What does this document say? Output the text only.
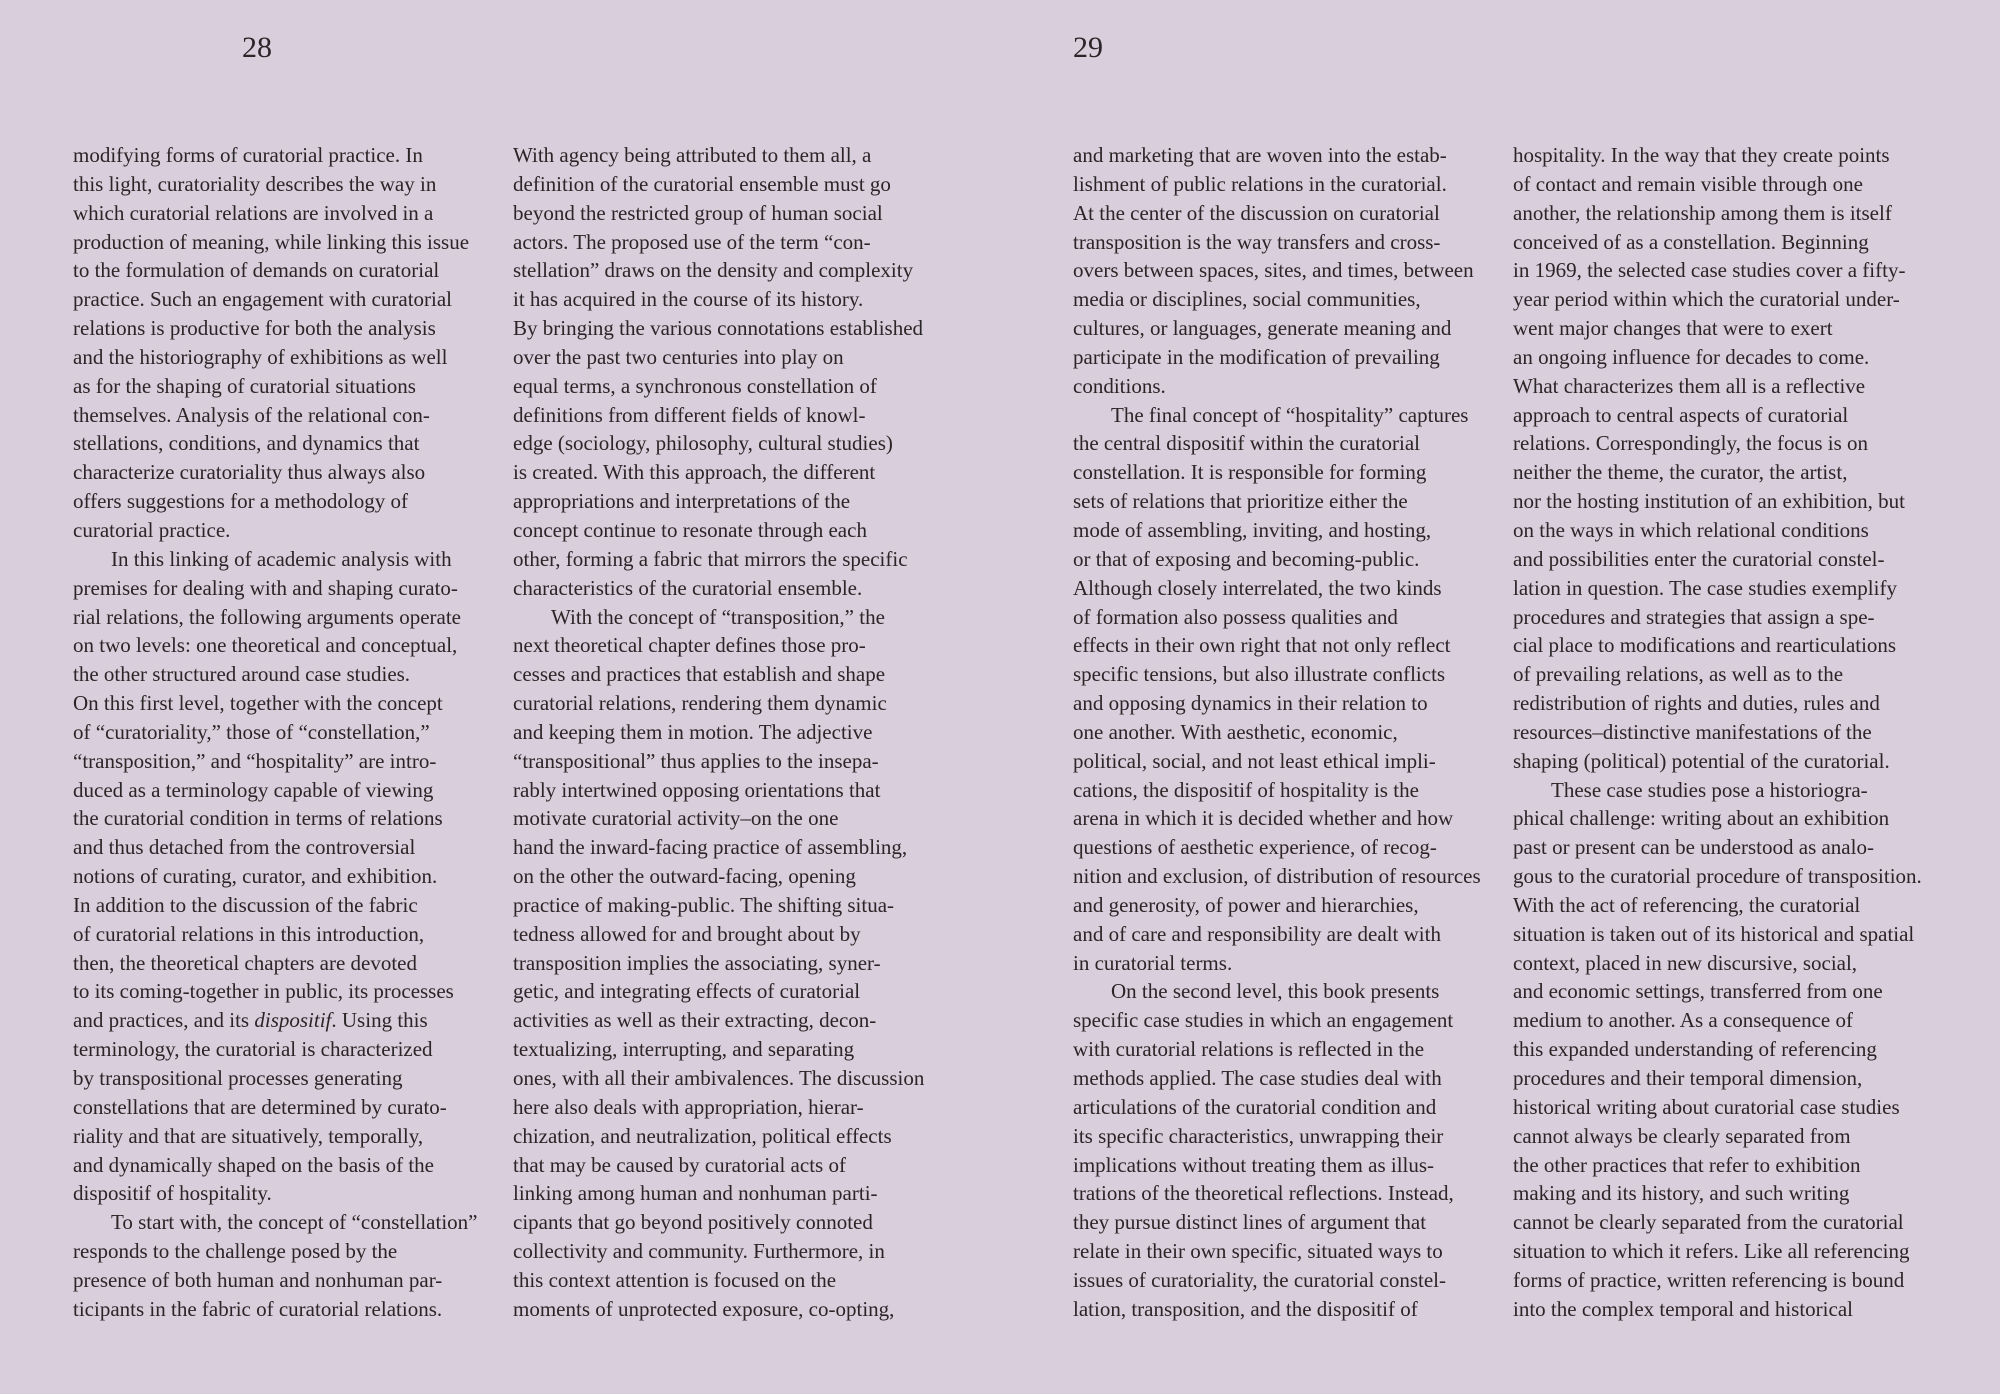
28
modifying forms of curatorial practice. In
this light, curatoriality describes the way in
which curatorial relations are involved in a
production of meaning, while linking this issue
to the formulation of demands on curatorial
practice. Such an engagement with curatorial
relations is productive for both the analysis
and the historiography of exhibitions as well
as for the shaping of curatorial situations
themselves. Analysis of the relational con-
stellations, conditions, and dynamics that
characterize curatoriality thus always also
offers suggestions for a methodology of
curatorial practice.
In this linking of academic analysis with
premises for dealing with and shaping curato-
rial relations, the following arguments operate
on two levels: one theoretical and conceptual,
the other structured around case studies.
On this first level, together with the concept
of “curatoriality,” those of “constellation,”
“transposition,” and “hospitality” are intro-
duced as a terminology capable of viewing
the curatorial condition in terms of relations
and thus detached from the controversial
notions of curating, curator, and exhibition.
In addition to the discussion of the fabric
of curatorial relations in this introduction,
then, the theoretical chapters are devoted
to its coming-together in public, its processes
and practices, and its dispositif. Using this
terminology, the curatorial is characterized
by transpositional processes generating
constellations that are determined by curato-
riality and that are situatively, temporally,
and dynamically shaped on the basis of the
dispositif of hospitality.
To start with, the concept of “constellation”
responds to the challenge posed by the
presence of both human and nonhuman par-
ticipants in the fabric of curatorial relations.
With agency being attributed to them all, a
definition of the curatorial ensemble must go
beyond the restricted group of human social
actors. The proposed use of the term “con-
stellation” draws on the density and complexity
it has acquired in the course of its history.
By bringing the various connotations established
over the past two centuries into play on
equal terms, a synchronous constellation of
definitions from different fields of knowl-
edge (sociology, philosophy, cultural studies)
is created. With this approach, the different
appropriations and interpretations of the
concept continue to resonate through each
other, forming a fabric that mirrors the specific
characteristics of the curatorial ensemble.
With the concept of “transposition,” the
next theoretical chapter defines those pro-
cesses and practices that establish and shape
curatorial relations, rendering them dynamic
and keeping them in motion. The adjective
“transpositional” thus applies to the insepa-
rably intertwined opposing orientations that
motivate curatorial activity–on the one
hand the inward-facing practice of assembling,
on the other the outward-facing, opening
practice of making-public. The shifting situa-
tedness allowed for and brought about by
transposition implies the associating, syner-
getic, and integrating effects of curatorial
activities as well as their extracting, decon-
textualizing, interrupting, and separating
ones, with all their ambivalences. The discussion
here also deals with appropriation, hierar-
chization, and neutralization, political effects
that may be caused by curatorial acts of
linking among human and nonhuman parti-
cipants that go beyond positively connoted
collectivity and community. Furthermore, in
this context attention is focused on the
moments of unprotected exposure, co-opting,
29
and marketing that are woven into the estab-
lishment of public relations in the curatorial.
At the center of the discussion on curatorial
transposition is the way transfers and cross-
overs between spaces, sites, and times, between
media or disciplines, social communities,
cultures, or languages, generate meaning and
participate in the modification of prevailing
conditions.
The final concept of “hospitality” captures
the central dispositif within the curatorial
constellation. It is responsible for forming
sets of relations that prioritize either the
mode of assembling, inviting, and hosting,
or that of exposing and becoming-public.
Although closely interrelated, the two kinds
of formation also possess qualities and
effects in their own right that not only reflect
specific tensions, but also illustrate conflicts
and opposing dynamics in their relation to
one another. With aesthetic, economic,
political, social, and not least ethical impli-
cations, the dispositif of hospitality is the
arena in which it is decided whether and how
questions of aesthetic experience, of recog-
nition and exclusion, of distribution of resources
and generosity, of power and hierarchies,
and of care and responsibility are dealt with
in curatorial terms.
On the second level, this book presents
specific case studies in which an engagement
with curatorial relations is reflected in the
methods applied. The case studies deal with
articulations of the curatorial condition and
its specific characteristics, unwrapping their
implications without treating them as illus-
trations of the theoretical reflections. Instead,
they pursue distinct lines of argument that
relate in their own specific, situated ways to
issues of curatoriality, the curatorial constel-
lation, transposition, and the dispositif of
hospitality. In the way that they create points
of contact and remain visible through one
another, the relationship among them is itself
conceived of as a constellation. Beginning
in 1969, the selected case studies cover a fifty-
year period within which the curatorial under-
went major changes that were to exert
an ongoing influence for decades to come.
What characterizes them all is a reflective
approach to central aspects of curatorial
relations. Correspondingly, the focus is on
neither the theme, the curator, the artist,
nor the hosting institution of an exhibition, but
on the ways in which relational conditions
and possibilities enter the curatorial constel-
lation in question. The case studies exemplify
procedures and strategies that assign a spe-
cial place to modifications and rearticulations
of prevailing relations, as well as to the
redistribution of rights and duties, rules and
resources–distinctive manifestations of the
shaping (political) potential of the curatorial.
These case studies pose a historiogra-
phical challenge: writing about an exhibition
past or present can be understood as analo-
gous to the curatorial procedure of transposition.
With the act of referencing, the curatorial
situation is taken out of its historical and spatial
context, placed in new discursive, social,
and economic settings, transferred from one
medium to another. As a consequence of
this expanded understanding of referencing
procedures and their temporal dimension,
historical writing about curatorial case studies
cannot always be clearly separated from
the other practices that refer to exhibition
making and its history, and such writing
cannot be clearly separated from the curatorial
situation to which it refers. Like all referencing
forms of practice, written referencing is bound
into the complex temporal and historical
